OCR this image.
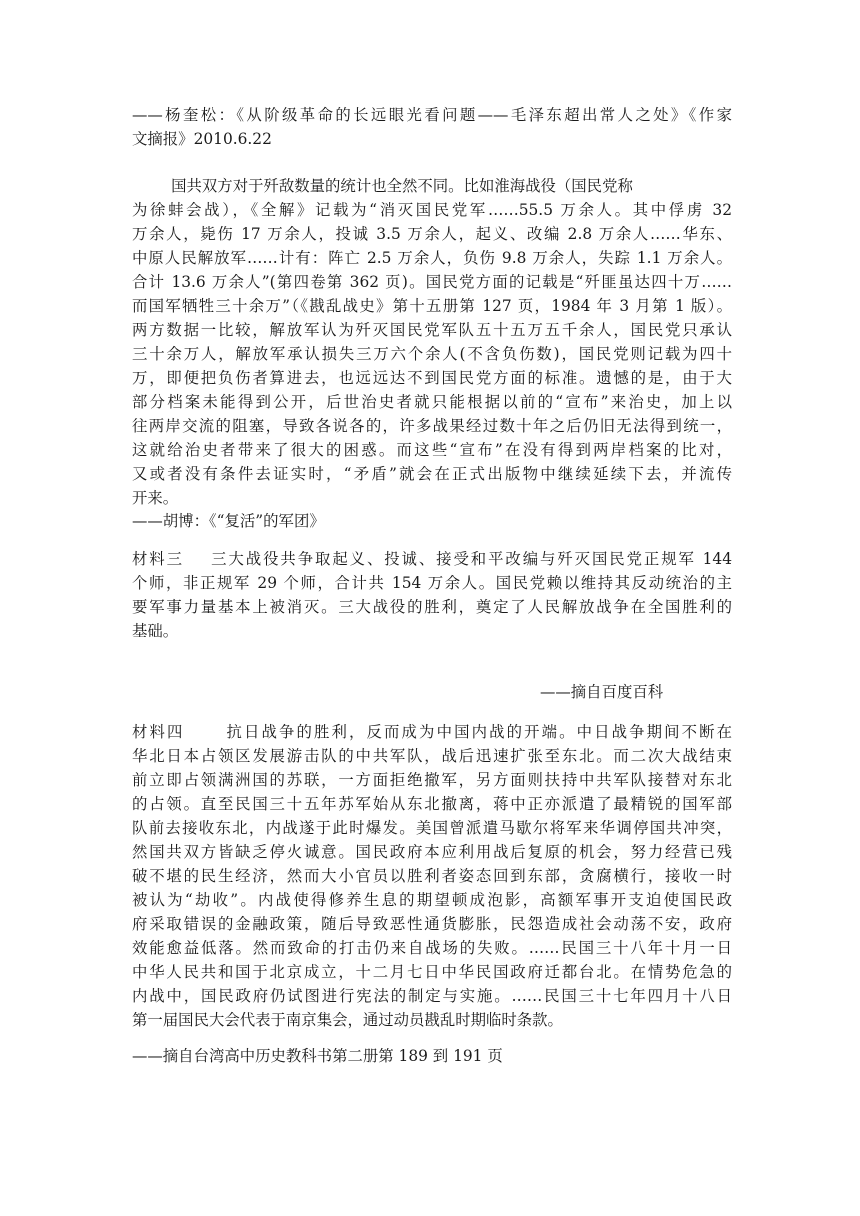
——杨奎松：《从阶级革命的长远眼光看问题——毛泽东超出常人之处》《作家
文摘报》2010.6.22
国共双方对于歼敌数量的统计也全然不同。比如淮海战役（国民党称
为徐蚌会战），《全解》记载为“消灭国民党军……55.5 万余人。其中俘虏 32
万余人，毙伤 17 万余人，投诚 3.5 万余人，起义、改编 2.8 万余人……华东、
中原人民解放军……计有：阵亡 2.5 万余人，负伤 9.8 万余人，失踪 1.1 万余人。
合计 13.6 万余人”(第四卷第 362 页)。国民党方面的记载是“歼匪虽达四十万……
而国军牺牲三十余万”（《戡乱战史》第十五册第 127 页，1984 年 3 月第 1 版）。
两方数据一比较，解放军认为歼灭国民党军队五十五万五千余人，国民党只承认
三十余万人，解放军承认损失三万六个余人(不含负伤数)，国民党则记载为四十
万，即便把负伤者算进去，也远远达不到国民党方面的标准。遗憾的是，由于大
部分档案未能得到公开，后世治史者就只能根据以前的“宣布”来治史，加上以
往两岸交流的阻塞，导致各说各的，许多战果经过数十年之后仍旧无法得到统一，
这就给治史者带来了很大的困惑。而这些“宣布”在没有得到两岸档案的比对，
又或者没有条件去证实时，“矛盾”就会在正式出版物中继续延续下去，并流传
开来。
——胡博：《“复活”的军团》
材料三    三大战役共争取起义、投诚、接受和平改编与歼灭国民党正规军 144
个师，非正规军 29 个师，合计共 154 万余人。国民党赖以维持其反动统治的主
要军事力量基本上被消灭。三大战役的胜利，奠定了人民解放战争在全国胜利的
基础。
——摘自百度百科
材料四      抗日战争的胜利，反而成为中国内战的开端。中日战争期间不断在
华北日本占领区发展游击队的中共军队，战后迅速扩张至东北。而二次大战结束
前立即占领满洲国的苏联，一方面拒绝撤军，另方面则扶持中共军队接替对东北
的占领。直至民国三十五年苏军始从东北撤离，蒋中正亦派遣了最精锐的国军部
队前去接收东北，内战遂于此时爆发。美国曾派遣马歇尔将军来华调停国共冲突，
然国共双方皆缺乏停火诚意。国民政府本应利用战后复原的机会，努力经营已残
破不堪的民生经济，然而大小官员以胜利者姿态回到东部，贪腐横行，接收一时
被认为“劫收”。内战使得修养生息的期望顿成泡影，高额军事开支迫使国民政
府采取错误的金融政策，随后导致恶性通货膨胀，民怨造成社会动荡不安，政府
效能愈益低落。然而致命的打击仍来自战场的失败。……民国三十八年十月一日
中华人民共和国于北京成立，十二月七日中华民国政府迁都台北。在情势危急的
内战中，国民政府仍试图进行宪法的制定与实施。……民国三十七年四月十八日
第一届国民大会代表于南京集会，通过动员戡乱时期临时条款。
——摘自台湾高中历史教科书第二册第 189 到 191 页
